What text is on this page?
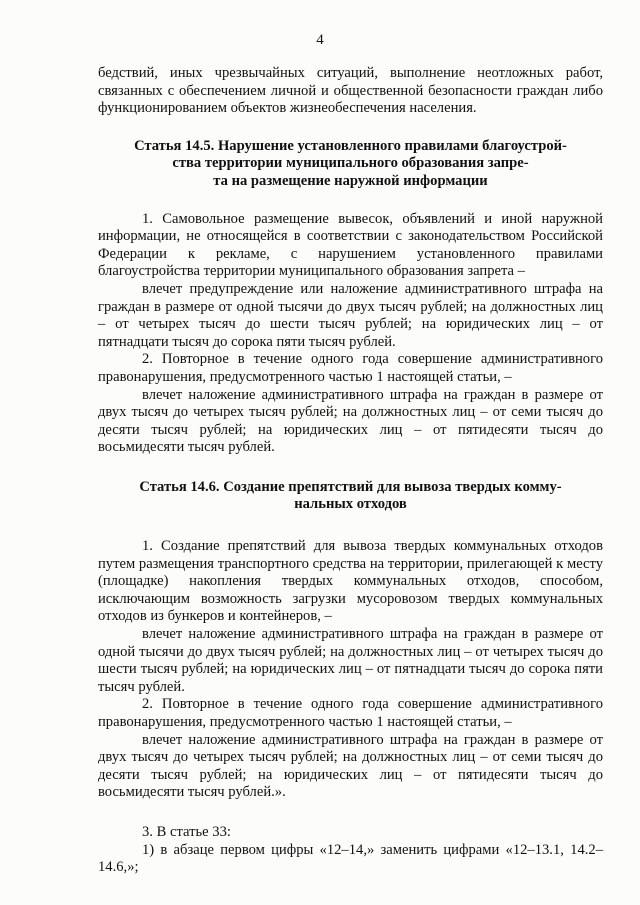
4

бедствий, иных чрезвычайных ситуаций, выполнение неотложных работ, связанных с обеспечением личной и общественной безопасности граждан либо функционированием объектов жизнеобеспечения населения.

Статья 14.5. Нарушение установленного правилами благоустрой-
ства территории муниципального образования запре-
та на размещение наружной информации

1. Самовольное размещение вывесок, объявлений и иной наружной информации, не относящейся в соответствии с законодательством Российской Федерации к рекламе, с нарушением установленного правилами благоустройства территории муниципального образования запрета –

влечет предупреждение или наложение административного штрафа на граждан в размере от одной тысячи до двух тысяч рублей; на должностных лиц – от четырех тысяч до шести тысяч рублей; на юридических лиц – от пятнадцати тысяч до сорока пяти тысяч рублей.

2. Повторное в течение одного года совершение административного правонарушения, предусмотренного частью 1 настоящей статьи, –

влечет наложение административного штрафа на граждан в размере от двух тысяч до четырех тысяч рублей; на должностных лиц – от семи тысяч до десяти тысяч рублей; на юридических лиц – от пятидесяти тысяч до восьмидесяти тысяч рублей.

Статья 14.6. Создание препятствий для вывоза твердых комму-
нальных отходов

1. Создание препятствий для вывоза твердых коммунальных отходов путем размещения транспортного средства на территории, прилегающей к месту (площадке) накопления твердых коммунальных отходов, способом, исключающим возможность загрузки мусоровозом твердых коммунальных отходов из бункеров и контейнеров, –

влечет наложение административного штрафа на граждан в размере от одной тысячи до двух тысяч рублей; на должностных лиц – от четырех тысяч до шести тысяч рублей; на юридических лиц – от пятнадцати тысяч до сорока пяти тысяч рублей.

2. Повторное в течение одного года совершение административного правонарушения, предусмотренного частью 1 настоящей статьи, –

влечет наложение административного штрафа на граждан в размере от двух тысяч до четырех тысяч рублей; на должностных лиц – от семи тысяч до десяти тысяч рублей; на юридических лиц – от пятидесяти тысяч до восьмидесяти тысяч рублей.».

3. В статье 33:

1) в абзаце первом цифры «12–14,» заменить цифрами «12–13.1, 14.2–14.6,»;
